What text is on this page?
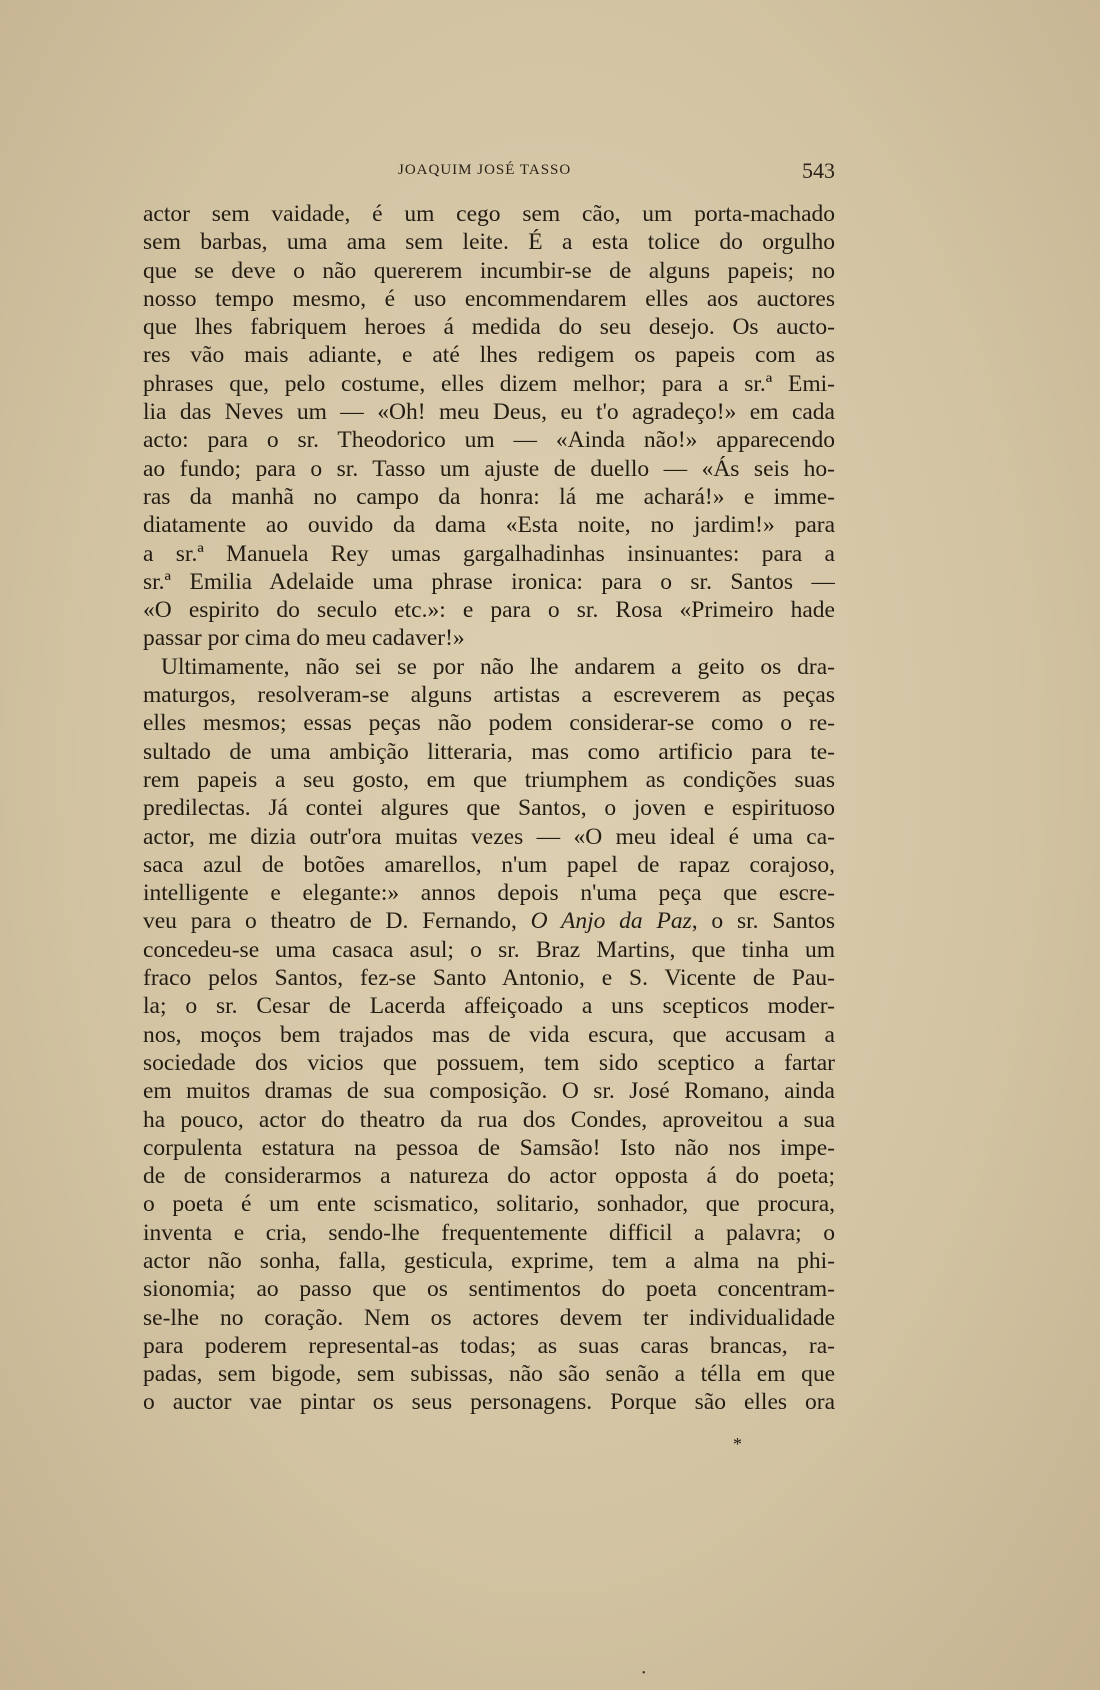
JOAQUIM JOSÉ TASSO	543
actor sem vaidade, é um cego sem cão, um porta-machado
sem barbas, uma ama sem leite. É a esta tolice do orgulho
que se deve o não quererem incumbir-se de alguns papeis; no
nosso tempo mesmo, é uso encommendarem elles aos auctores
que lhes fabriquem heroes á medida do seu desejo. Os aucto-
res vão mais adiante, e até lhes redigem os papeis com as
phrases que, pelo costume, elles dizem melhor; para a sr.ª Emi-
lia das Neves um — «Oh! meu Deus, eu t'o agradeço!» em cada
acto: para o sr. Theodorico um — «Ainda não!» apparecendo
ao fundo; para o sr. Tasso um ajuste de duello — «Ás seis ho-
ras da manhã no campo da honra: lá me achará!» e imme-
diatamente ao ouvido da dama «Esta noite, no jardim!» para
a sr.ª Manuela Rey umas gargalhadinhas insinuantes: para a
sr.ª Emilia Adelaide uma phrase ironica: para o sr. Santos —
«O espirito do seculo etc.»: e para o sr. Rosa «Primeiro hade
passar por cima do meu cadaver!»
Ultimamente, não sei se por não lhe andarem a geito os dra-
maturgos, resolveram-se alguns artistas a escreverem as peças
elles mesmos; essas peças não podem considerar-se como o re-
sultado de uma ambição litteraria, mas como artificio para te-
rem papeis a seu gosto, em que triumphem as condições suas
predilectas. Já contei algures que Santos, o joven e espirituoso
actor, me dizia outr'ora muitas vezes — «O meu ideal é uma ca-
saca azul de botões amarellos, n'um papel de rapaz corajoso,
intelligente e elegante:» annos depois n'uma peça que escre-
veu para o theatro de D. Fernando, O Anjo da Paz, o sr. Santos
concedeu-se uma casaca asul; o sr. Braz Martins, que tinha um
fraco pelos Santos, fez-se Santo Antonio, e S. Vicente de Pau-
la; o sr. Cesar de Lacerda affeiçoado a uns scepticos moder-
nos, moços bem trajados mas de vida escura, que accusam a
sociedade dos vicios que possuem, tem sido sceptico a fartar
em muitos dramas de sua composição. O sr. José Romano, ainda
ha pouco, actor do theatro da rua dos Condes, aproveitou a sua
corpulenta estatura na pessoa de Samsão! Isto não nos impe-
de de considerarmos a natureza do actor opposta á do poeta;
o poeta é um ente scismatico, solitario, sonhador, que procura,
inventa e cria, sendo-lhe frequentemente difficil a palavra; o
actor não sonha, falla, gesticula, exprime, tem a alma na phi-
sionomia; ao passo que os sentimentos do poeta concentram-
se-lhe no coração. Nem os actores devem ter individualidade
para poderem represental-as todas; as suas caras brancas, ra-
padas, sem bigode, sem subissas, não são senão a télla em que
o auctor vae pintar os seus personagens. Porque são elles ora
*
•
